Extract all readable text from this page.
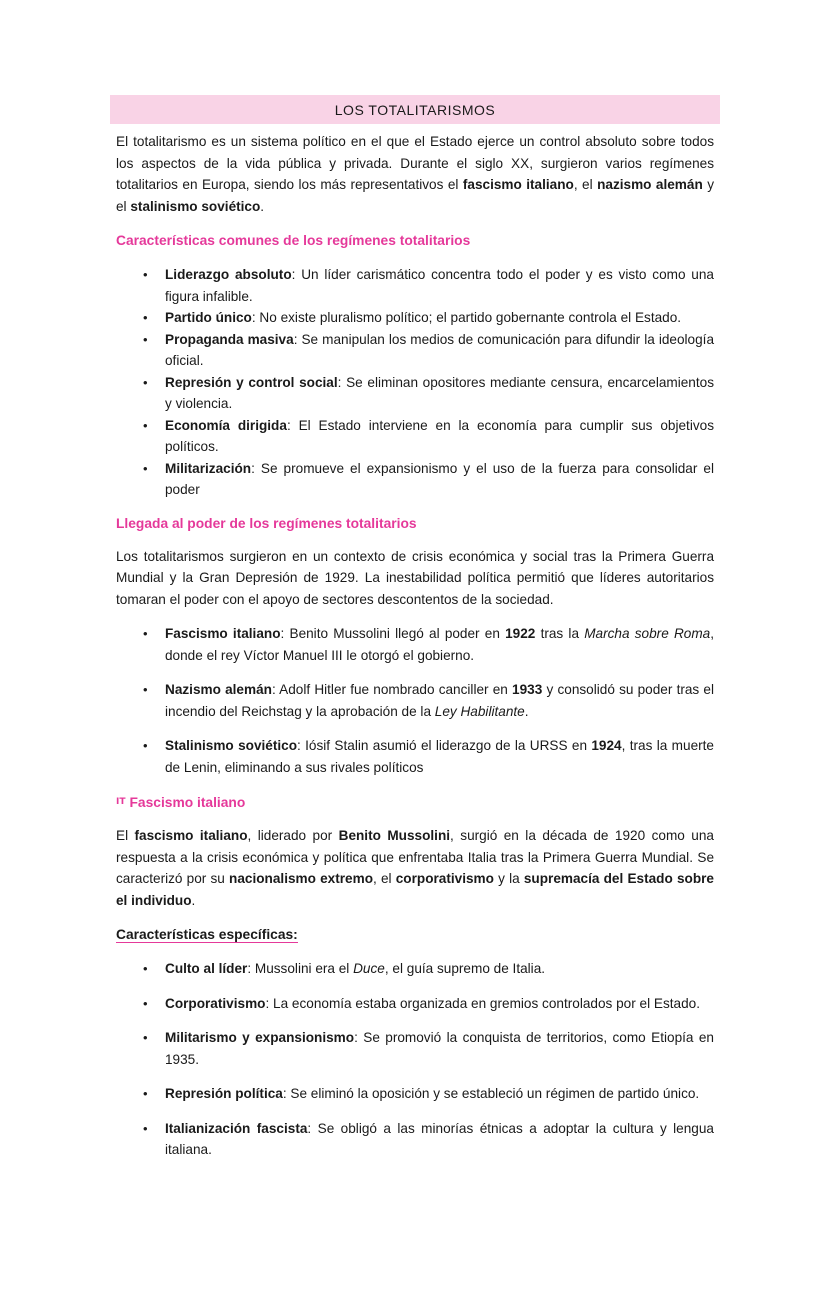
LOS TOTALITARISMOS

El totalitarismo es un sistema político en el que el Estado ejerce un control absoluto sobre todos los aspectos de la vida pública y privada. Durante el siglo XX, surgieron varios regímenes totalitarios en Europa, siendo los más representativos el fascismo italiano, el nazismo alemán y el stalinismo soviético.

Características comunes de los regímenes totalitarios
• Liderazgo absoluto: Un líder carismático concentra todo el poder y es visto como una figura infalible.
• Partido único: No existe pluralismo político; el partido gobernante controla el Estado.
• Propaganda masiva: Se manipulan los medios de comunicación para difundir la ideología oficial.
• Represión y control social: Se eliminan opositores mediante censura, encarcelamientos y violencia.
• Economía dirigida: El Estado interviene en la economía para cumplir sus objetivos políticos.
• Militarización: Se promueve el expansionismo y el uso de la fuerza para consolidar el poder
Llegada al poder de los regímenes totalitarios

Los totalitarismos surgieron en un contexto de crisis económica y social tras la Primera Guerra Mundial y la Gran Depresión de 1929. La inestabilidad política permitió que líderes autoritarios tomaran el poder con el apoyo de sectores descontentos de la sociedad.

• Fascismo italiano: Benito Mussolini llegó al poder en 1922 tras la Marcha sobre Roma, donde el rey Víctor Manuel III le otorgó el gobierno.
• Nazismo alemán: Adolf Hitler fue nombrado canciller en 1933 y consolidó su poder tras el incendio del Reichstag y la aprobación de la Ley Habilitante.
• Stalinismo soviético: Iósif Stalin asumió el liderazgo de la URSS en 1924, tras la muerte de Lenin, eliminando a sus rivales políticos
IT Fascismo italiano

El fascismo italiano, liderado por Benito Mussolini, surgió en la década de 1920 como una respuesta a la crisis económica y política que enfrentaba Italia tras la Primera Guerra Mundial. Se caracterizó por su nacionalismo extremo, el corporativismo y la supremacía del Estado sobre el individuo.

Características específicas:
• Culto al líder: Mussolini era el Duce, el guía supremo de Italia.
• Corporativismo: La economía estaba organizada en gremios controlados por el Estado.
• Militarismo y expansionismo: Se promovió la conquista de territorios, como Etiopía en 1935.
• Represión política: Se eliminó la oposición y se estableció un régimen de partido único.
• Italianización fascista: Se obligó a las minorías étnicas a adoptar la cultura y lengua italiana.
